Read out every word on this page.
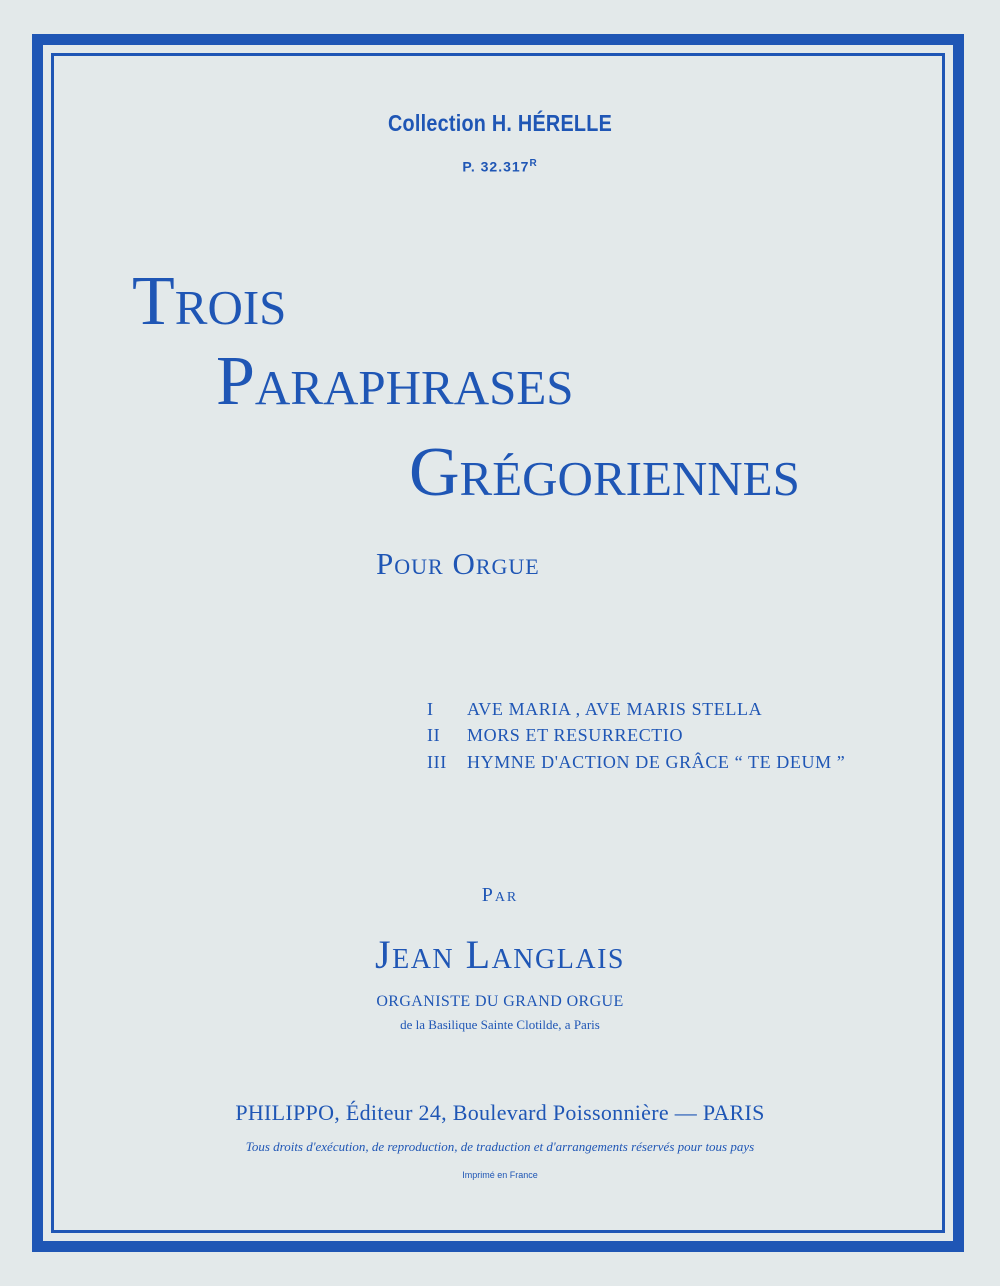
Collection H. HÉRELLE
P. $32.317^R$
Trois
Paraphrases
Grégoriennes
Pour Orgue
I AVE MARIA , AVE MARIS STELLA
II MORS ET RESURRECTIO
III HYMNE D'ACTION DE GRÂCE “ TE DEUM ”
Par
Jean Langlais
ORGANISTE DU GRAND ORGUE
de la Basilique Sainte Clotilde, a Paris
PHILIPPO, Éditeur 24, Boulevard Poissonnière — PARIS
Tous droits d'exécution, de reproduction, de traduction et d'arrangements réservés pour tous pays
Imprimé en France
